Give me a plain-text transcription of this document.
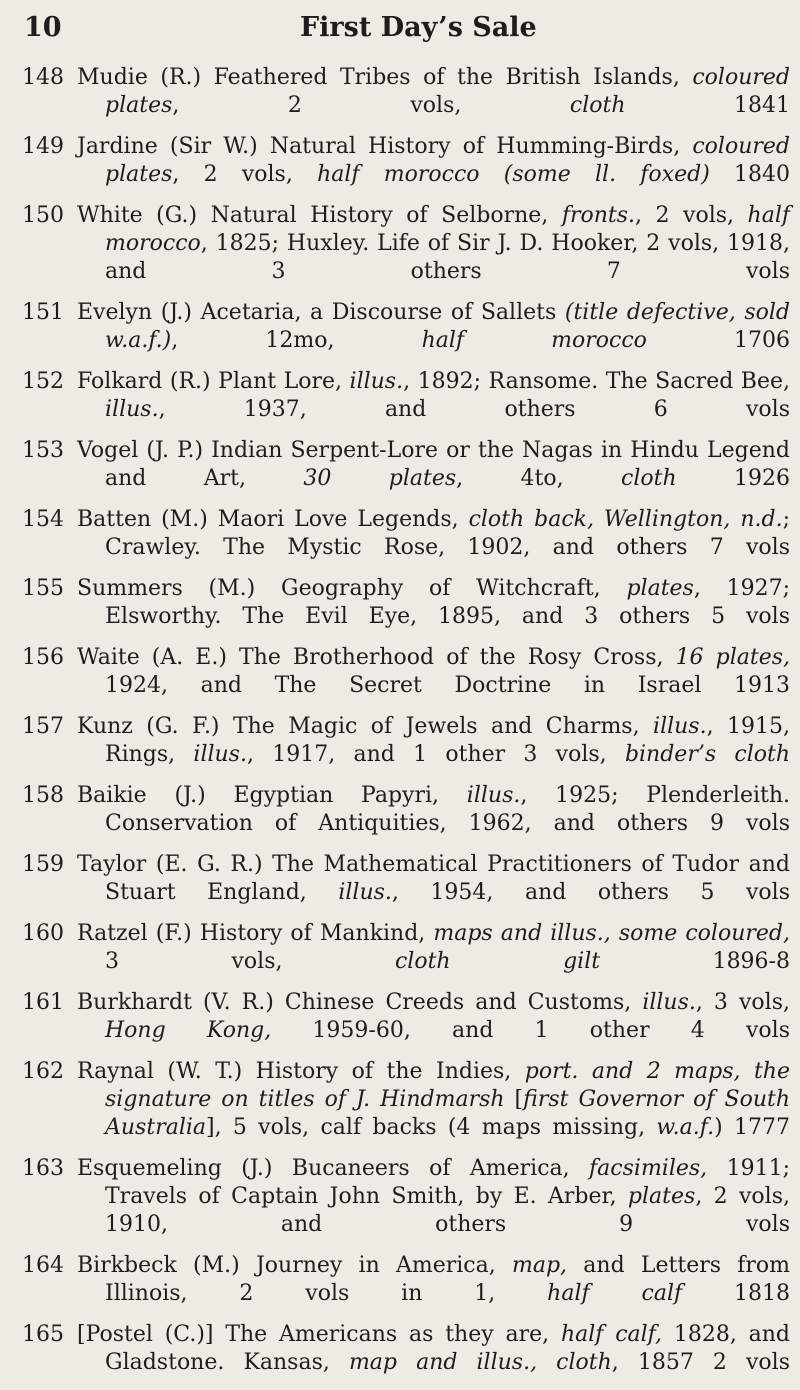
10	First Day’s Sale
148 Mudie (R.) Feathered Tribes of the British Islands, coloured plates, 2 vols, cloth 1841
149 Jardine (Sir W.) Natural History of Humming-Birds, coloured plates, 2 vols, half morocco (some ll. foxed) 1840
150 White (G.) Natural History of Selborne, fronts., 2 vols, half morocco, 1825; Huxley. Life of Sir J. D. Hooker, 2 vols, 1918, and 3 others 7 vols
151 Evelyn (J.) Acetaria, a Discourse of Sallets (title defective, sold w.a.f.), 12mo, half morocco 1706
152 Folkard (R.) Plant Lore, illus., 1892; Ransome. The Sacred Bee, illus., 1937, and others 6 vols
153 Vogel (J. P.) Indian Serpent-Lore or the Nagas in Hindu Legend and Art, 30 plates, 4to, cloth 1926
154 Batten (M.) Maori Love Legends, cloth back, Wellington, n.d.; Crawley. The Mystic Rose, 1902, and others 7 vols
155 Summers (M.) Geography of Witchcraft, plates, 1927; Elsworthy. The Evil Eye, 1895, and 3 others 5 vols
156 Waite (A. E.) The Brotherhood of the Rosy Cross, 16 plates, 1924, and The Secret Doctrine in Israel 1913
157 Kunz (G. F.) The Magic of Jewels and Charms, illus., 1915, Rings, illus., 1917, and 1 other 3 vols, binder’s cloth
158 Baikie (J.) Egyptian Papyri, illus., 1925; Plenderleith. Conservation of Antiquities, 1962, and others 9 vols
159 Taylor (E. G. R.) The Mathematical Practitioners of Tudor and Stuart England, illus., 1954, and others 5 vols
160 Ratzel (F.) History of Mankind, maps and illus., some coloured, 3 vols, cloth gilt 1896-8
161 Burkhardt (V. R.) Chinese Creeds and Customs, illus., 3 vols, Hong Kong, 1959-60, and 1 other 4 vols
162 Raynal (W. T.) History of the Indies, port. and 2 maps, the signature on titles of J. Hindmarsh [first Governor of South Australia], 5 vols, calf backs (4 maps missing, w.a.f.) 1777
163 Esquemeling (J.) Bucaneers of America, facsimiles, 1911; Travels of Captain John Smith, by E. Arber, plates, 2 vols, 1910, and others 9 vols
164 Birkbeck (M.) Journey in America, map, and Letters from Illinois, 2 vols in 1, half calf 1818
165 [Postel (C.)] The Americans as they are, half calf, 1828, and Gladstone. Kansas, map and illus., cloth, 1857 2 vols
